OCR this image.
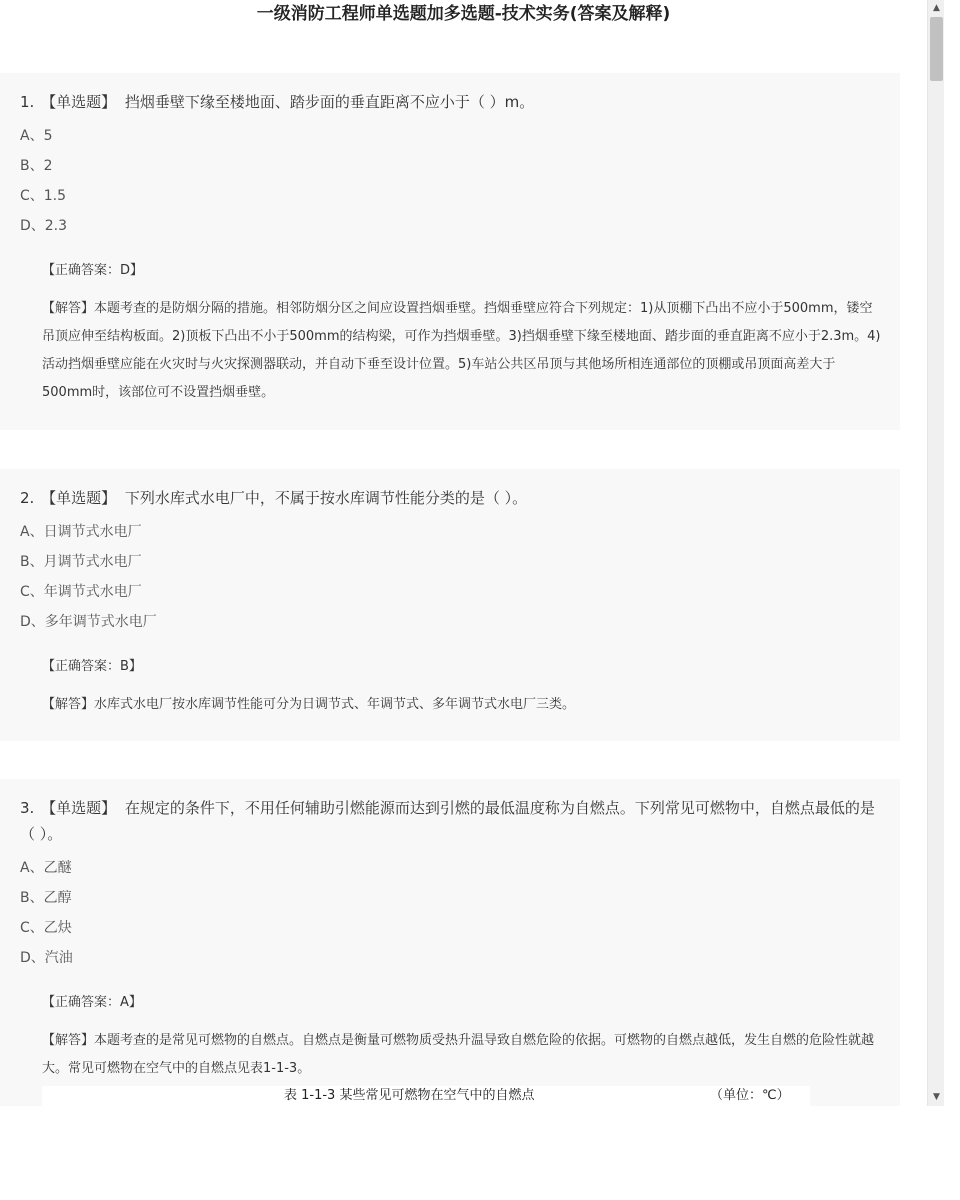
一级消防工程师单选题加多选题-技术实务(答案及解释)
1. 【单选题】 挡烟垂壁下缘至楼地面、踏步面的垂直距离不应小于（ ）m。
A、5
B、2
C、1.5
D、2.3
【正确答案：D】
【解答】本题考查的是防烟分隔的措施。相邻防烟分区之间应设置挡烟垂壁。挡烟垂壁应符合下列规定：1)从顶棚下凸出不应小于500mm，镂空吊顶应伸至结构板面。2)顶板下凸出不小于500mm的结构梁，可作为挡烟垂壁。3)挡烟垂壁下缘至楼地面、踏步面的垂直距离不应小于2.3m。4)活动挡烟垂壁应能在火灾时与火灾探测器联动，并自动下垂至设计位置。5)车站公共区吊顶与其他场所相连通部位的顶棚或吊顶面高差大于500mm时，该部位可不设置挡烟垂壁。
2. 【单选题】 下列水库式水电厂中，不属于按水库调节性能分类的是（ ）。
A、日调节式水电厂
B、月调节式水电厂
C、年调节式水电厂
D、多年调节式水电厂
【正确答案：B】
【解答】水库式水电厂按水库调节性能可分为日调节式、年调节式、多年调节式水电厂三类。
3. 【单选题】 在规定的条件下，不用任何辅助引燃能源而达到引燃的最低温度称为自燃点。下列常见可燃物中，自燃点最低的是（ ）。
A、乙醚
B、乙醇
C、乙炔
D、汽油
【正确答案：A】
【解答】本题考查的是常见可燃物的自燃点。自燃点是衡量可燃物质受热升温导致自燃危险的依据。可燃物的自燃点越低，发生自燃的危险性就越大。常见可燃物在空气中的自燃点见表1-1-3。
表 1-1-3 某些常见可燃物在空气中的自燃点	（单位：℃）
▲
▼
